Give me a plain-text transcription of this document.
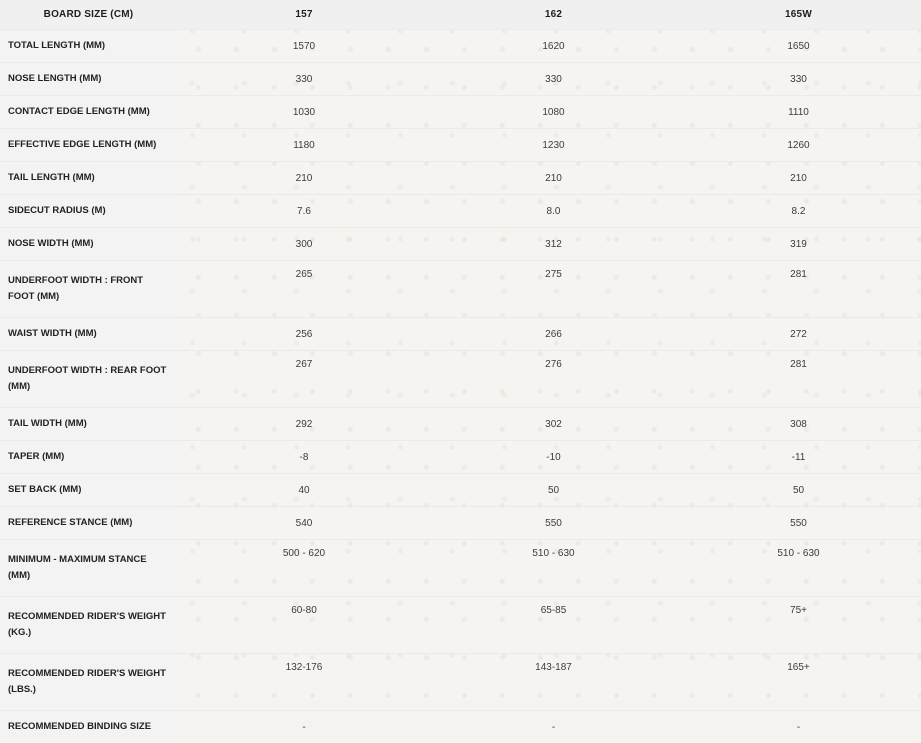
BOARD SIZE (CM)	157	162	165W
TOTAL LENGTH (MM)	1570	1620	1650
NOSE LENGTH (MM)	330	330	330
CONTACT EDGE LENGTH (MM)	1030	1080	1110
EFFECTIVE EDGE LENGTH (MM)	1180	1230	1260
TAIL LENGTH (MM)	210	210	210
SIDECUT RADIUS (M)	7.6	8.0	8.2
NOSE WIDTH (MM)	300	312	319
UNDERFOOT WIDTH : FRONT FOOT (MM)	265	275	281
WAIST WIDTH (MM)	256	266	272
UNDERFOOT WIDTH : REAR FOOT (MM)	267	276	281
TAIL WIDTH (MM)	292	302	308
TAPER (MM)	-8	-10	-11
SET BACK (MM)	40	50	50
REFERENCE STANCE (MM)	540	550	550
MINIMUM - MAXIMUM STANCE (MM)	500 - 620	510 - 630	510 - 630
RECOMMENDED RIDER'S WEIGHT (KG.)	60-80	65-85	75+
RECOMMENDED RIDER'S WEIGHT (LBS.)	132-176	143-187	165+
RECOMMENDED BINDING SIZE	-	-	-
